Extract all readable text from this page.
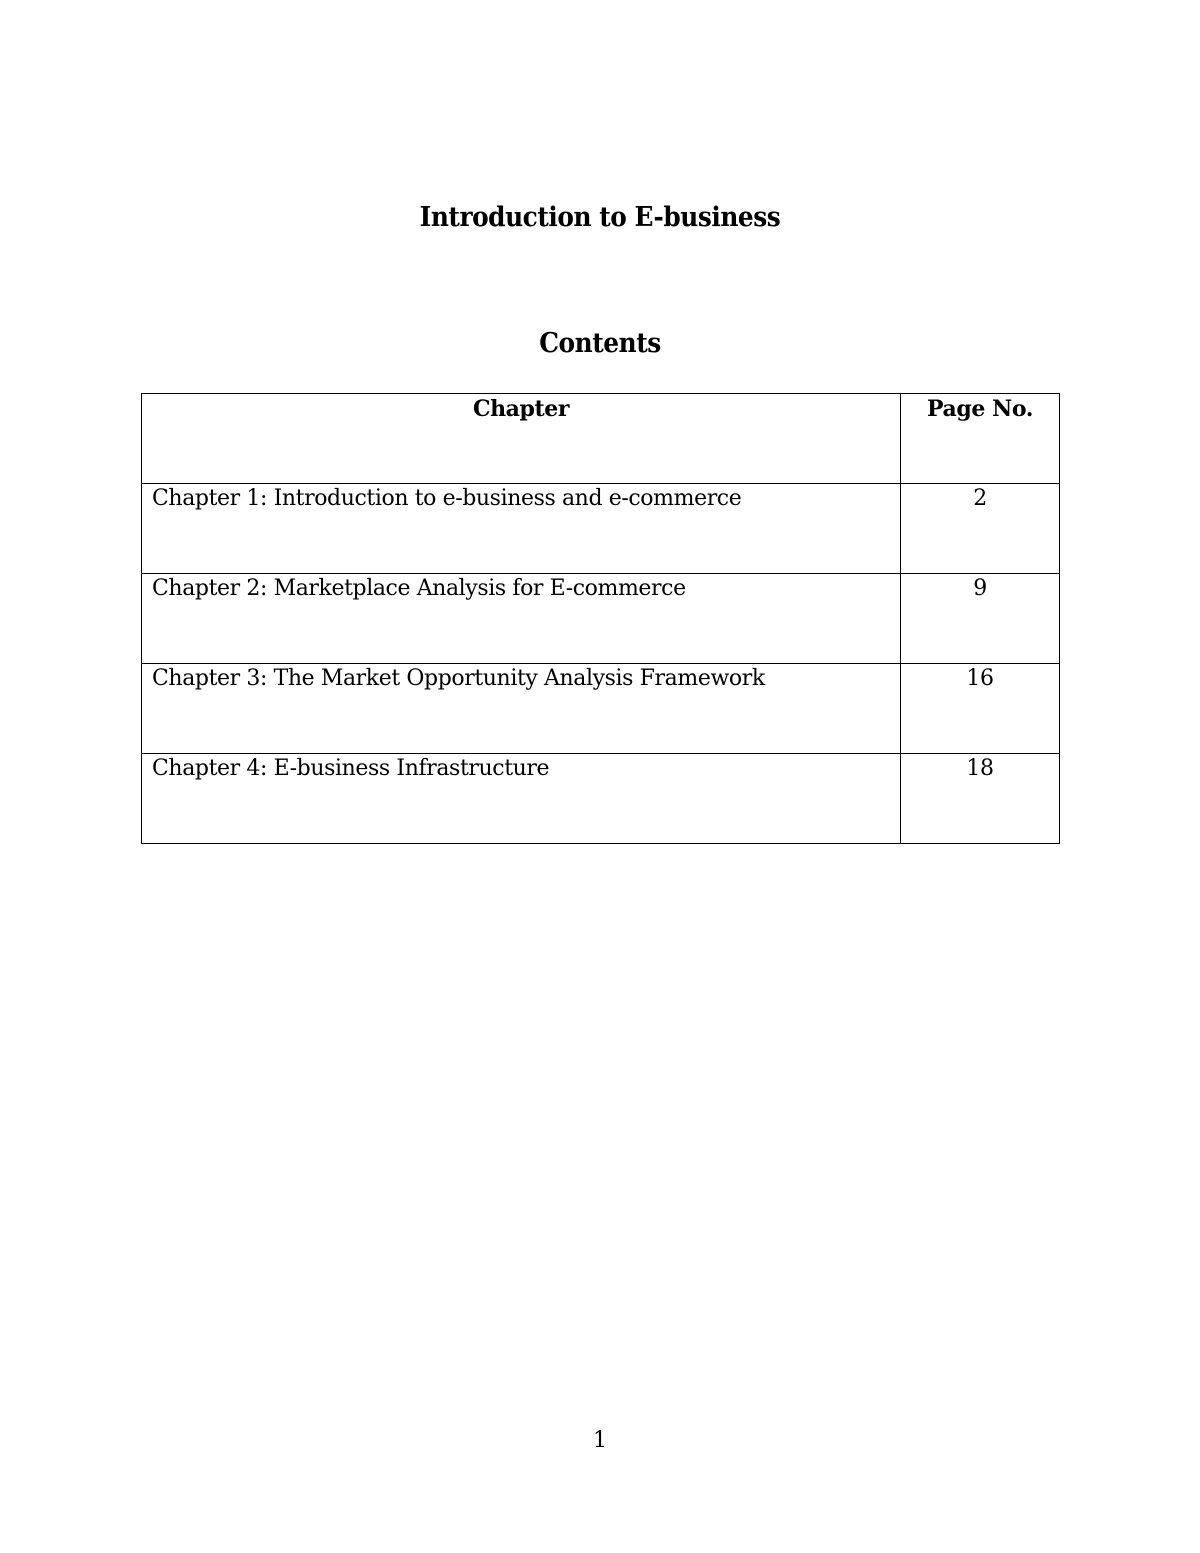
Introduction to E-business
Contents
Chapter	Page No.
Chapter 1: Introduction to e-business and e-commerce	2
Chapter 2: Marketplace Analysis for E-commerce	9
Chapter 3: The Market Opportunity Analysis Framework	16
Chapter 4: E-business Infrastructure	18
1
